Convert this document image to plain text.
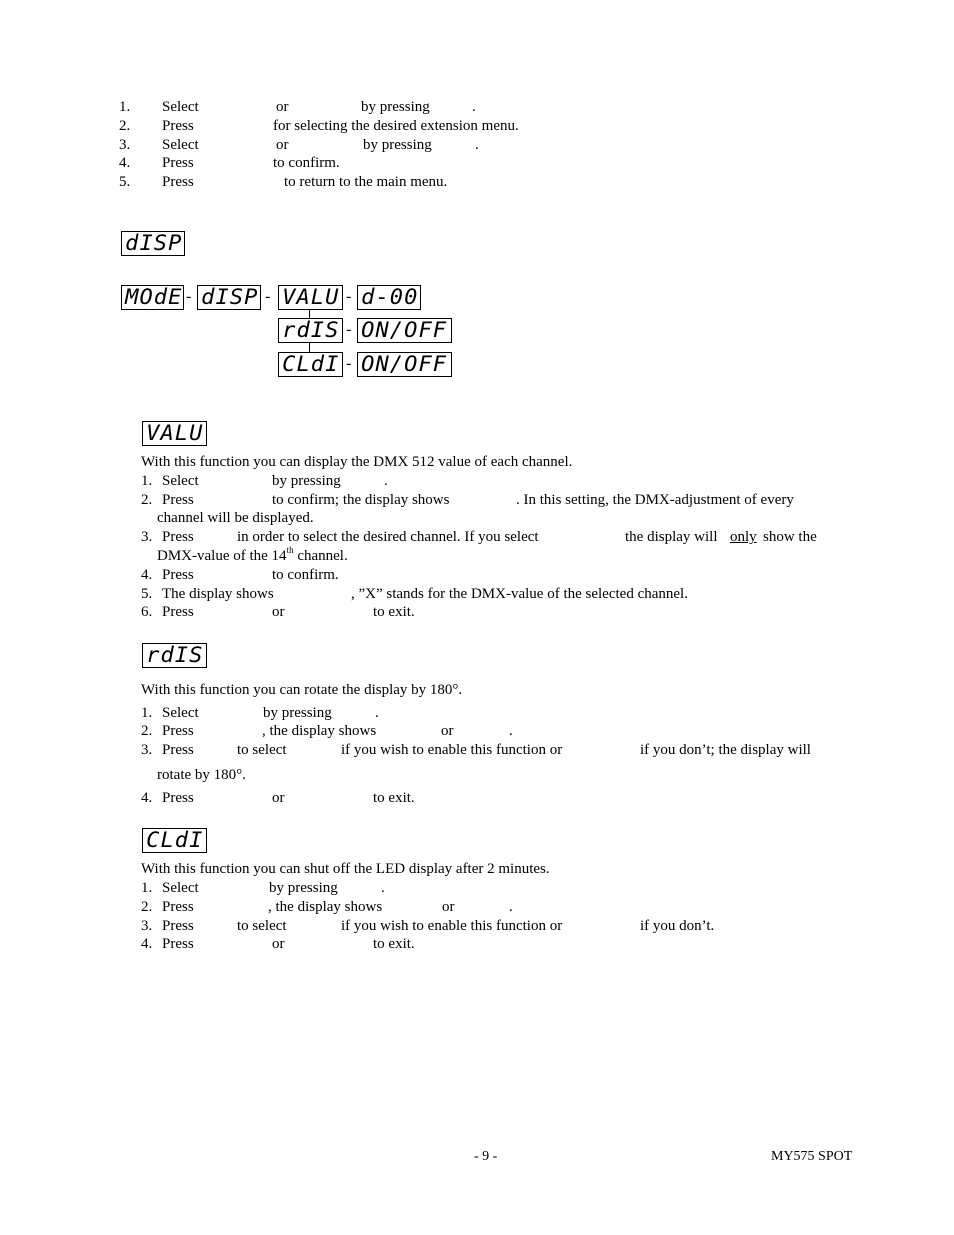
1. Select	or	by pressing	.
2. Press	for selecting the desired extension menu.
3. Select	or	by pressing	.
4. Press	to confirm.
5. Press	to return to the main menu.
dISP
MOdE - dISP - VALU - d-00
rdIS - ON/OFF
CLdI - ON/OFF
VALU
With this function you can display the DMX 512 value of each channel.
1. Select	by pressing	.
2. Press	to confirm; the display shows	. In this setting, the DMX-adjustment of every
channel will be displayed.
3. Press	in order to select the desired channel. If you select	the display will only show the
DMX-value of the 14th channel.
4. Press	to confirm.
5. The display shows	, ”X” stands for the DMX-value of the selected channel.
6. Press	or	to exit.
rdIS
With this function you can rotate the display by 180°.
1. Select	by pressing	.
2. Press	, the display shows	or	.
3. Press	to select	if you wish to enable this function or	if you don’t; the display will
rotate by 180°.
4. Press	or	to exit.
CLdI
With this function you can shut off the LED display after 2 minutes.
1. Select	by pressing	.
2. Press	, the display shows	or	.
3. Press	to select	if you wish to enable this function or	if you don’t.
4. Press	or	to exit.
- 9 -	MY575 SPOT
